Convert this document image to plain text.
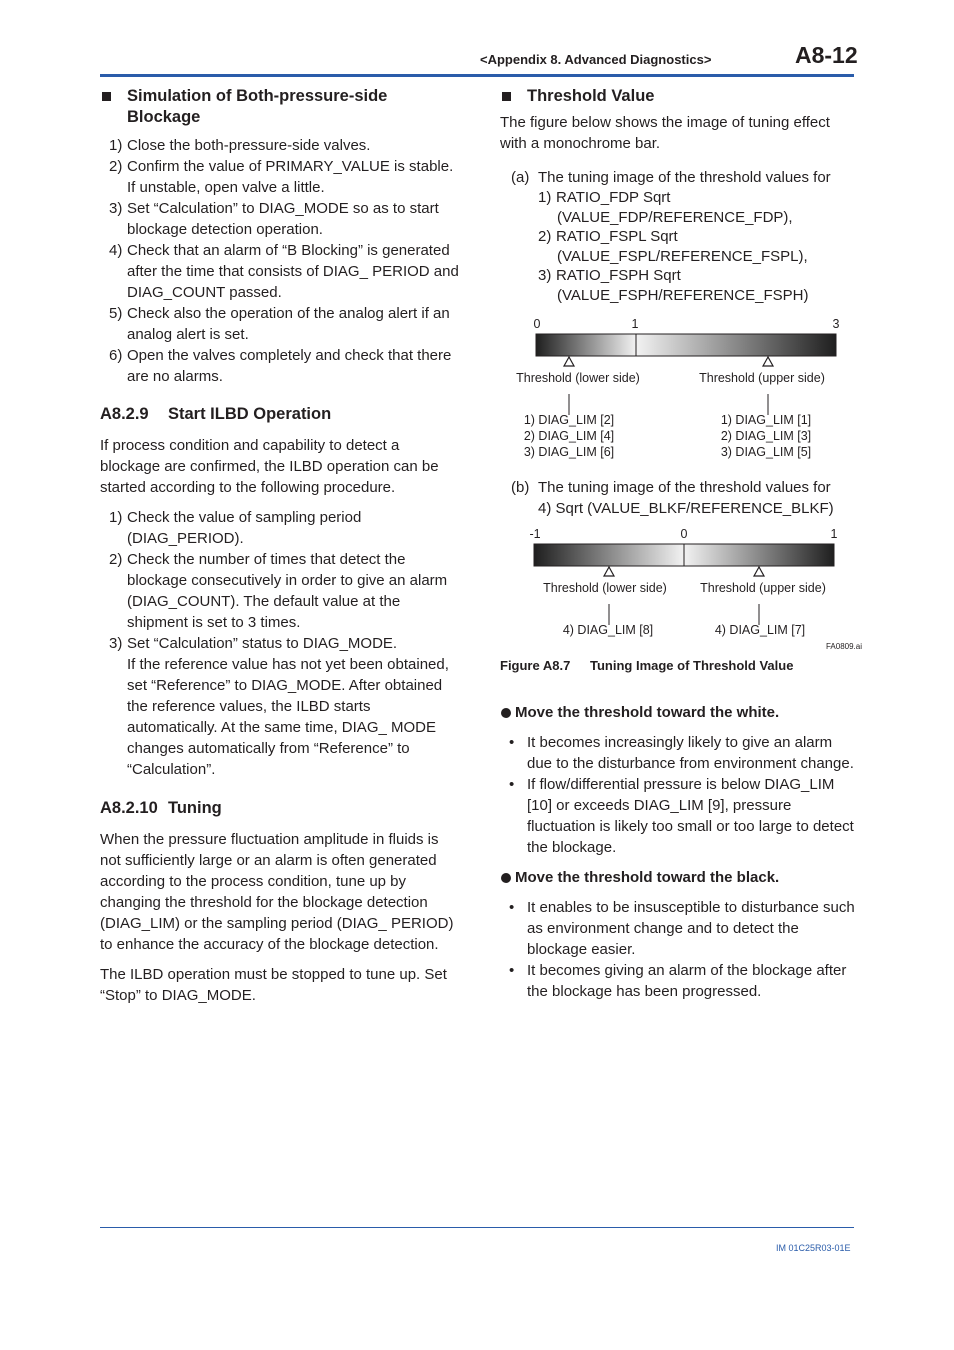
<Appendix 8. Advanced Diagnostics>	A8-12
Simulation of Both-pressure-side Blockage
1) Close the both-pressure-side valves.
2) Confirm the value of PRIMARY_VALUE is stable. If unstable, open valve a little.
3) Set “Calculation” to DIAG_MODE so as to start blockage detection operation.
4) Check that an alarm of “B Blocking” is generated after the time that consists of DIAG_ PERIOD and DIAG_COUNT passed.
5) Check also the operation of the analog alert if an analog alert is set.
6) Open the valves completely and check that there are no alarms.
A8.2.9 Start ILBD Operation

If process condition and capability to detect a blockage are confirmed, the ILBD operation can be started according to the following procedure.

1) Check the value of sampling period (DIAG_PERIOD).
2) Check the number of times that detect the blockage consecutively in order to give an alarm (DIAG_COUNT). The default value at the shipment is set to 3 times.
3) Set “Calculation” status to DIAG_MODE.
If the reference value has not yet been obtained, set “Reference” to DIAG_MODE. After obtained the reference values, the ILBD starts automatically. At the same time, DIAG_ MODE changes automatically from “Reference” to “Calculation”.
A8.2.10 Tuning

When the pressure fluctuation amplitude in fluids is not sufficiently large or an alarm is often generated according to the process condition, tune up by changing the threshold for the blockage detection (DIAG_LIM) or the sampling period (DIAG_ PERIOD) to enhance the accuracy of the blockage detection.

The ILBD operation must be stopped to tune up. Set “Stop” to DIAG_MODE.

Threshold Value

The figure below shows the image of tuning effect with a monochrome bar.

(a) The tuning image of the threshold values for
1) RATIO_FDP Sqrt
(VALUE_FDP/REFERENCE_FDP),
2) RATIO_FSPL Sqrt
(VALUE_FSPL/REFERENCE_FSPL),
3) RATIO_FSPH Sqrt
(VALUE_FSPH/REFERENCE_FSPH)
0	1	3
Threshold (lower side)	Threshold (upper side)
1) DIAG_LIM [2]
2) DIAG_LIM [4]
3) DIAG_LIM [6]
1) DIAG_LIM [1]
2) DIAG_LIM [3]
3) DIAG_LIM [5]
(b) The tuning image of the threshold values for
4) Sqrt (VALUE_BLKF/REFERENCE_BLKF)
-1	0	1
Threshold (lower side)	Threshold (upper side)
4) DIAG_LIM [8]	4) DIAG_LIM [7]
FA0809.ai
Figure A8.7 Tuning Image of Threshold Value
Move the threshold toward the white.
• It becomes increasingly likely to give an alarm due to the disturbance from environment change.
• If flow/differential pressure is below DIAG_LIM [10] or exceeds DIAG_LIM [9], pressure fluctuation is likely too small or too large to detect the blockage.
Move the threshold toward the black.
• It enables to be insusceptible to disturbance such as environment change and to detect the blockage easier.
• It becomes giving an alarm of the blockage after the blockage has been progressed.
IM 01C25R03-01E
